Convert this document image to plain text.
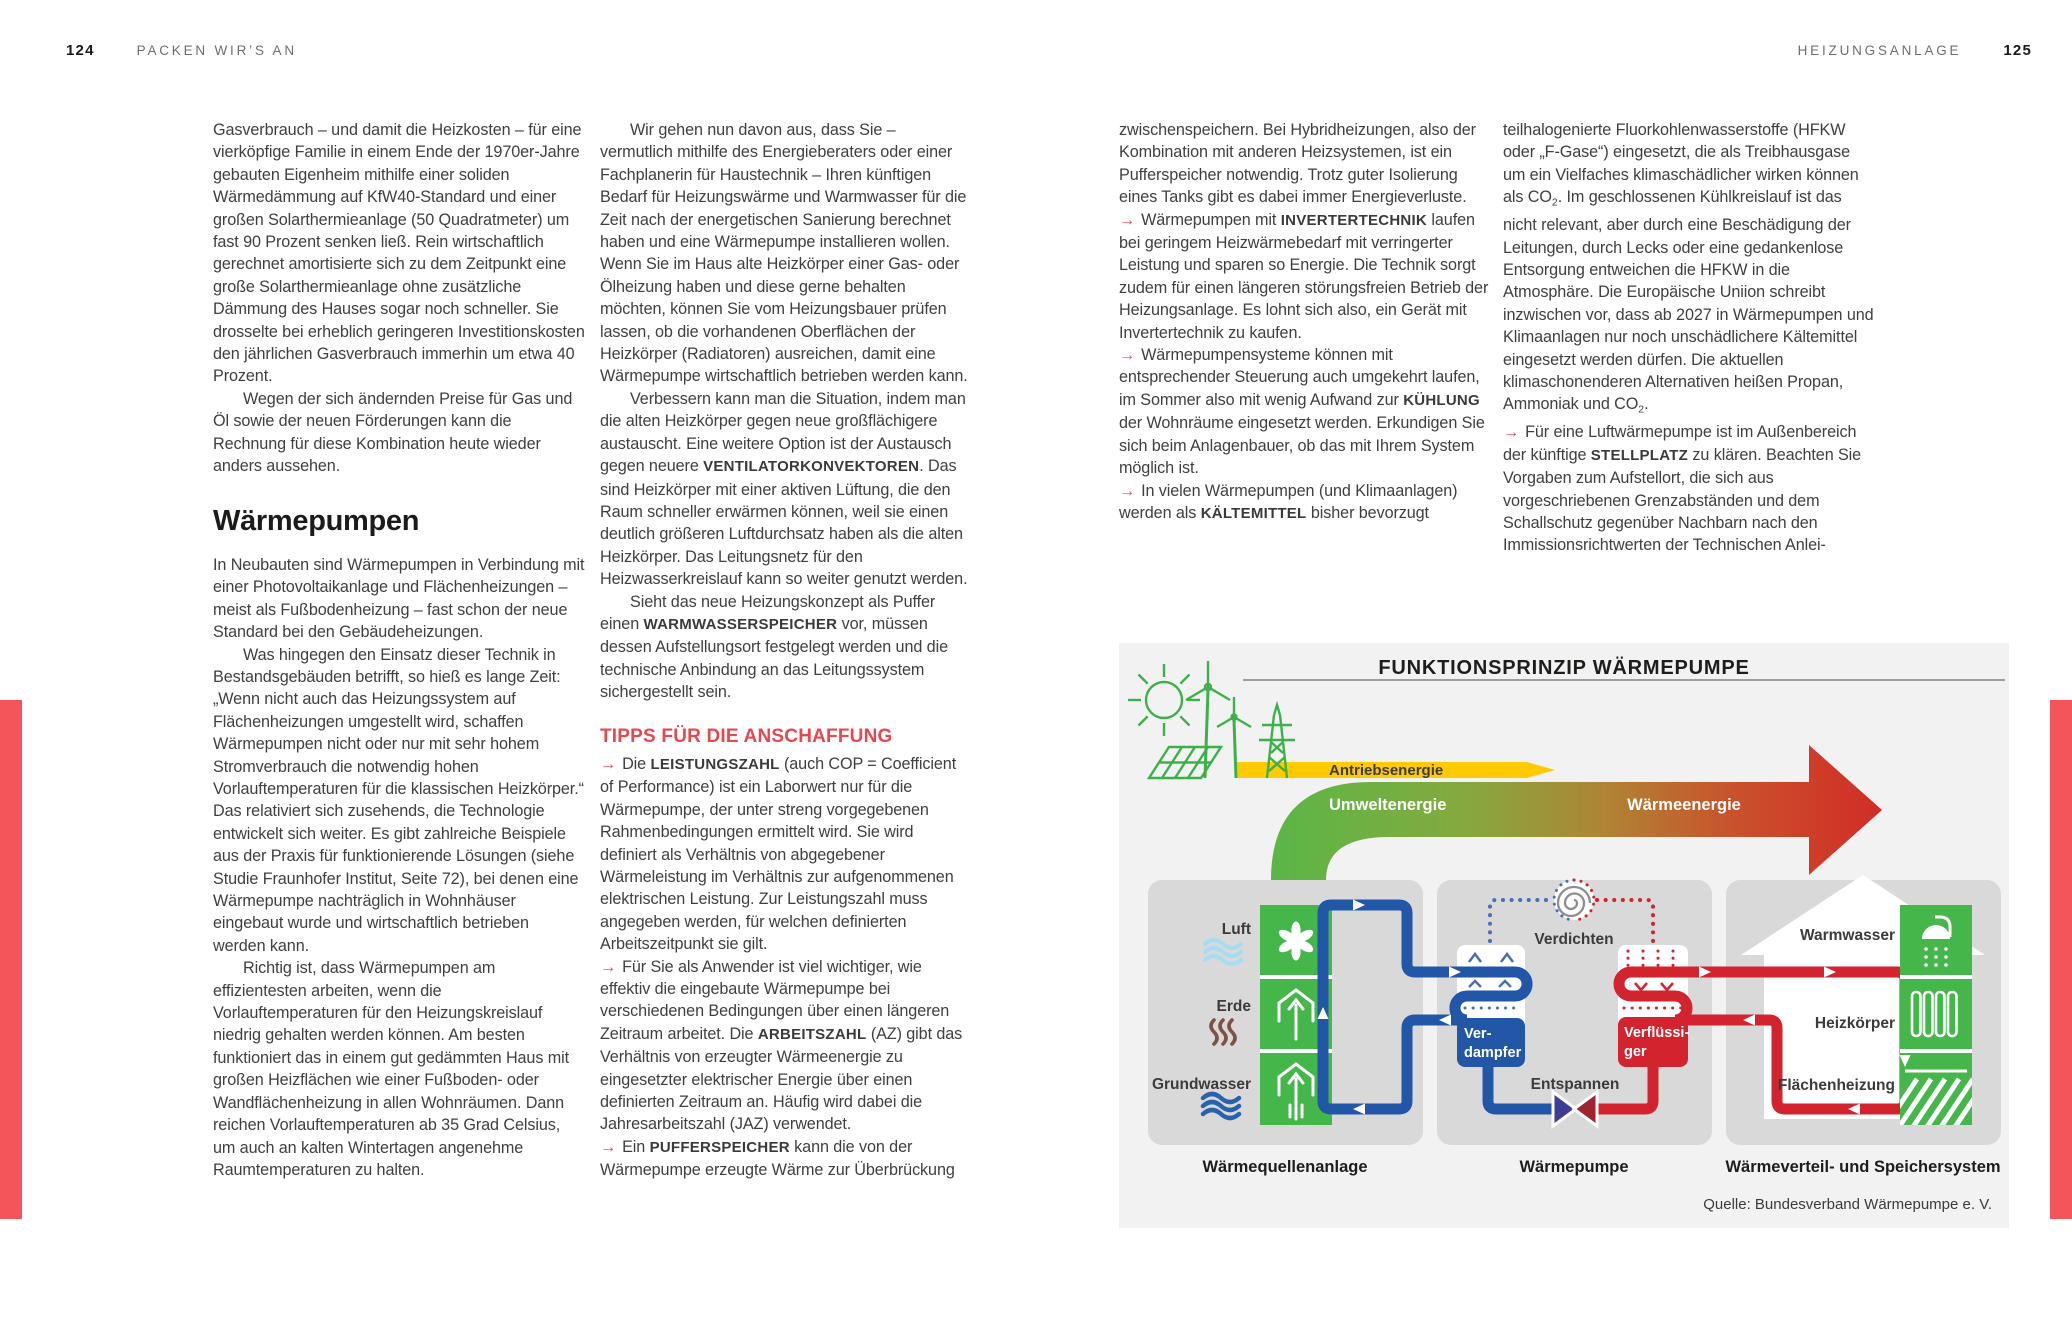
124	PACKEN WIR’S AN	HEIZUNGSANLAGE	125

Gasverbrauch – und damit die Heizkosten – für eine vierköpfige Familie in einem Ende der 1970er-Jahre gebauten Eigenheim mithilfe einer soliden Wärmedämmung auf KfW40-Standard und einer großen Solarthermieanlage (50 Quadratmeter) um fast 90 Prozent senken ließ. Rein wirtschaftlich gerechnet amortisierte sich zu dem Zeitpunkt eine große Solarthermieanlage ohne zusätzliche Dämmung des Hauses sogar noch schneller. Sie drosselte bei erheblich geringeren Investitionskosten den jährlichen Gasverbrauch immerhin um etwa 40 Prozent.

Wegen der sich ändernden Preise für Gas und Öl sowie der neuen Förderungen kann die Rechnung für diese Kombination heute wieder anders aussehen.

Wärmepumpen

In Neubauten sind Wärmepumpen in Verbindung mit einer Photovoltaikanlage und Flächenheizungen – meist als Fußbodenheizung – fast schon der neue Standard bei den Gebäudeheizungen.

Was hingegen den Einsatz dieser Technik in Bestandsgebäuden betrifft, so hieß es lange Zeit: „Wenn nicht auch das Heizungssystem auf Flächenheizungen umgestellt wird, schaffen Wärmepumpen nicht oder nur mit sehr hohem Stromverbrauch die notwendig hohen Vorlauftemperaturen für die klassischen Heizkörper.“ Das relativiert sich zusehends, die Technologie entwickelt sich weiter. Es gibt zahlreiche Beispiele aus der Praxis für funktionierende Lösungen (siehe Studie Fraunhofer Institut, Seite 72), bei denen eine Wärmepumpe nachträglich in Wohnhäuser eingebaut wurde und wirtschaftlich betrieben werden kann.

Richtig ist, dass Wärmepumpen am effizientesten arbeiten, wenn die Vorlauftemperaturen für den Heizungskreislauf niedrig gehalten werden können. Am besten funktioniert das in einem gut gedämmten Haus mit großen Heizflächen wie einer Fußboden- oder Wandflächenheizung in allen Wohnräumen. Dann reichen Vorlauftemperaturen ab 35 Grad Celsius, um auch an kalten Wintertagen angenehme Raumtemperaturen zu halten.

Wir gehen nun davon aus, dass Sie – vermutlich mithilfe des Energieberaters oder einer Fachplanerin für Haustechnik – Ihren künftigen Bedarf für Heizungswärme und Warmwasser für die Zeit nach der energetischen Sanierung berechnet haben und eine Wärmepumpe installieren wollen. Wenn Sie im Haus alte Heizkörper einer Gas- oder Ölheizung haben und diese gerne behalten möchten, können Sie vom Heizungsbauer prüfen lassen, ob die vorhandenen Oberflächen der Heizkörper (Radiatoren) ausreichen, damit eine Wärmepumpe wirtschaftlich betrieben werden kann.

Verbessern kann man die Situation, indem man die alten Heizkörper gegen neue großflächigere austauscht. Eine weitere Option ist der Austausch gegen neuere VENTILATORKONVEKTOREN. Das sind Heizkörper mit einer aktiven Lüftung, die den Raum schneller erwärmen können, weil sie einen deutlich größeren Luftdurchsatz haben als die alten Heizkörper. Das Leitungsnetz für den Heizwasserkreislauf kann so weiter genutzt werden.

Sieht das neue Heizungskonzept als Puffer einen WARMWASSERSPEICHER vor, müssen dessen Aufstellungsort festgelegt werden und die technische Anbindung an das Leitungssystem sichergestellt sein.

TIPPS FÜR DIE ANSCHAFFUNG

→ Die LEISTUNGSZAHL (auch COP = Coefficient of Performance) ist ein Laborwert nur für die Wärmepumpe, der unter streng vorgegebenen Rahmenbedingungen ermittelt wird. Sie wird definiert als Verhältnis von abgegebener Wärmeleistung im Verhältnis zur aufgenommenen elektrischen Leistung. Zur Leistungszahl muss angegeben werden, für welchen definierten Arbeitszeitpunkt sie gilt.

→ Für Sie als Anwender ist viel wichtiger, wie effektiv die eingebaute Wärmepumpe bei verschiedenen Bedingungen über einen längeren Zeitraum arbeitet. Die ARBEITSZAHL (AZ) gibt das Verhältnis von erzeugter Wärmeenergie zu eingesetzter elektrischer Energie über einen definierten Zeitraum an. Häufig wird dabei die Jahresarbeitszahl (JAZ) verwendet.

→ Ein PUFFERSPEICHER kann die von der Wärmepumpe erzeugte Wärme zur Überbrückung

zwischenspeichern. Bei Hybridheizungen, also der Kombination mit anderen Heizsystemen, ist ein Pufferspeicher notwendig. Trotz guter Isolierung eines Tanks gibt es dabei immer Energieverluste.

→ Wärmepumpen mit INVERTERTECHNIK laufen bei geringem Heizwärmebedarf mit verringerter Leistung und sparen so Energie. Die Technik sorgt zudem für einen längeren störungsfreien Betrieb der Heizungsanlage. Es lohnt sich also, ein Gerät mit Invertertechnik zu kaufen.

→ Wärmepumpensysteme können mit entsprechender Steuerung auch umgekehrt laufen, im Sommer also mit wenig Aufwand zur KÜHLUNG der Wohnräume eingesetzt werden. Erkundigen Sie sich beim Anlagenbauer, ob das mit Ihrem System möglich ist.

→ In vielen Wärmepumpen (und Klimaanlagen) werden als KÄLTEMITTEL bisher bevorzugt

teilhalogenierte Fluorkohlenwasserstoffe (HFKW oder „F-Gase“) eingesetzt, die als Treibhausgase um ein Vielfaches klimaschädlicher wirken können als $CO_2$. Im geschlossenen Kühlkreislauf ist das nicht relevant, aber durch eine Beschädigung der Leitungen, durch Lecks oder eine gedankenlose Entsorgung entweichen die HFKW in die Atmosphäre. Die Europäische Uniion schreibt inzwischen vor, dass ab 2027 in Wärmepumpen und Klimaanlagen nur noch unschädlichere Kältemittel eingesetzt werden dürfen. Die aktuellen klimaschonenderen Alternativen heißen Propan, Ammoniak und $CO_2$.

→ Für eine Luftwärmepumpe ist im Außenbereich der künftige STELLPLATZ zu klären. Beachten Sie Vorgaben zum Aufstellort, die sich aus vorgeschriebenen Grenzabständen und dem Schallschutz gegenüber Nachbarn nach den Immissionsrichtwerten der Technischen Anlei-

FUNKTIONSPRINZIP WÄRMEPUMPE
Antriebsenergie
Umweltenergie	Wärmeenergie
Luft
Erde
Grundwasser
Ver-
dampfer
Verflüssi-
ger
Verdichten
Entspannen
Warmwasser
Heizkörper
Flächenheizung
Wärmequellenanlage	Wärmepumpe	Wärmeverteil- und Speichersystem
Quelle: Bundesverband Wärmepumpe e. V.
